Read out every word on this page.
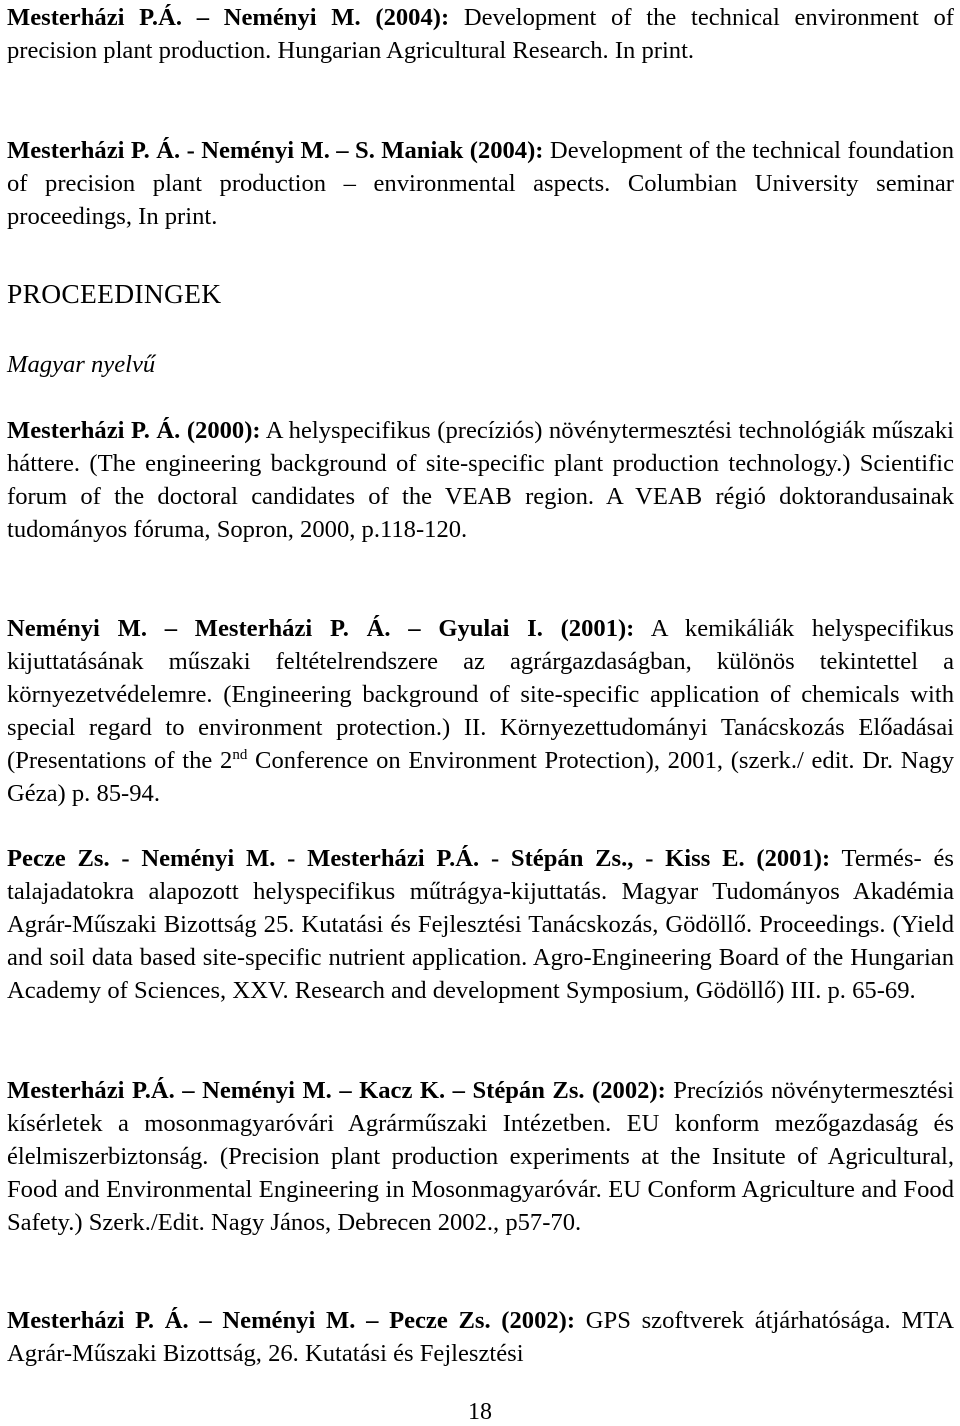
Mesterházi P.Á. – Neményi M. (2004): Development of the technical environment of precision plant production. Hungarian Agricultural Research. In print.

Mesterházi P. Á. - Neményi M. – S. Maniak (2004): Development of the technical foundation of precision plant production – environmental aspects. Columbian University seminar proceedings, In print.

PROCEEDINGEK
Magyar nyelvű

Mesterházi P. Á. (2000): A helyspecifikus (precíziós) növénytermesztési technológiák műszaki háttere. (The engineering background of site-specific plant production technology.) Scientific forum of the doctoral candidates of the VEAB region. A VEAB régió doktorandusainak tudományos fóruma, Sopron, 2000, p.118-120.

Neményi M. – Mesterházi P. Á. – Gyulai I. (2001): A kemikáliák helyspecifikus kijuttatásának műszaki feltételrendszere az agrárgazdaságban, különös tekintettel a környezetvédelemre. (Engineering background of site-specific application of chemicals with special regard to environment protection.) II. Környezettudományi Tanácskozás Előadásai (Presentations of the 2nd Conference on Environment Protection), 2001, (szerk./ edit. Dr. Nagy Géza) p. 85-94.

Pecze Zs. - Neményi M. - Mesterházi P.Á. - Stépán Zs., - Kiss E. (2001): Termés- és talajadatokra alapozott helyspecifikus műtrágya-kijuttatás. Magyar Tudományos Akadémia Agrár-Műszaki Bizottság 25. Kutatási és Fejlesztési Tanácskozás, Gödöllő. Proceedings. (Yield and soil data based site-specific nutrient application. Agro-Engineering Board of the Hungarian Academy of Sciences, XXV. Research and development Symposium, Gödöllő) III. p. 65-69.

Mesterházi P.Á. – Neményi M. – Kacz K. – Stépán Zs. (2002): Precíziós növénytermesztési kísérletek a mosonmagyaróvári Agrárműszaki Intézetben. EU konform mezőgazdaság és élelmiszerbiztonság. (Precision plant production experiments at the Insitute of Agricultural, Food and Environmental Engineering in Mosonmagyaróvár. EU Conform Agriculture and Food Safety.) Szerk./Edit. Nagy János, Debrecen 2002., p57-70.

Mesterházi P. Á. – Neményi M. – Pecze Zs. (2002): GPS szoftverek átjárhatósága. MTA Agrár-Műszaki Bizottság, 26. Kutatási és Fejlesztési

18
